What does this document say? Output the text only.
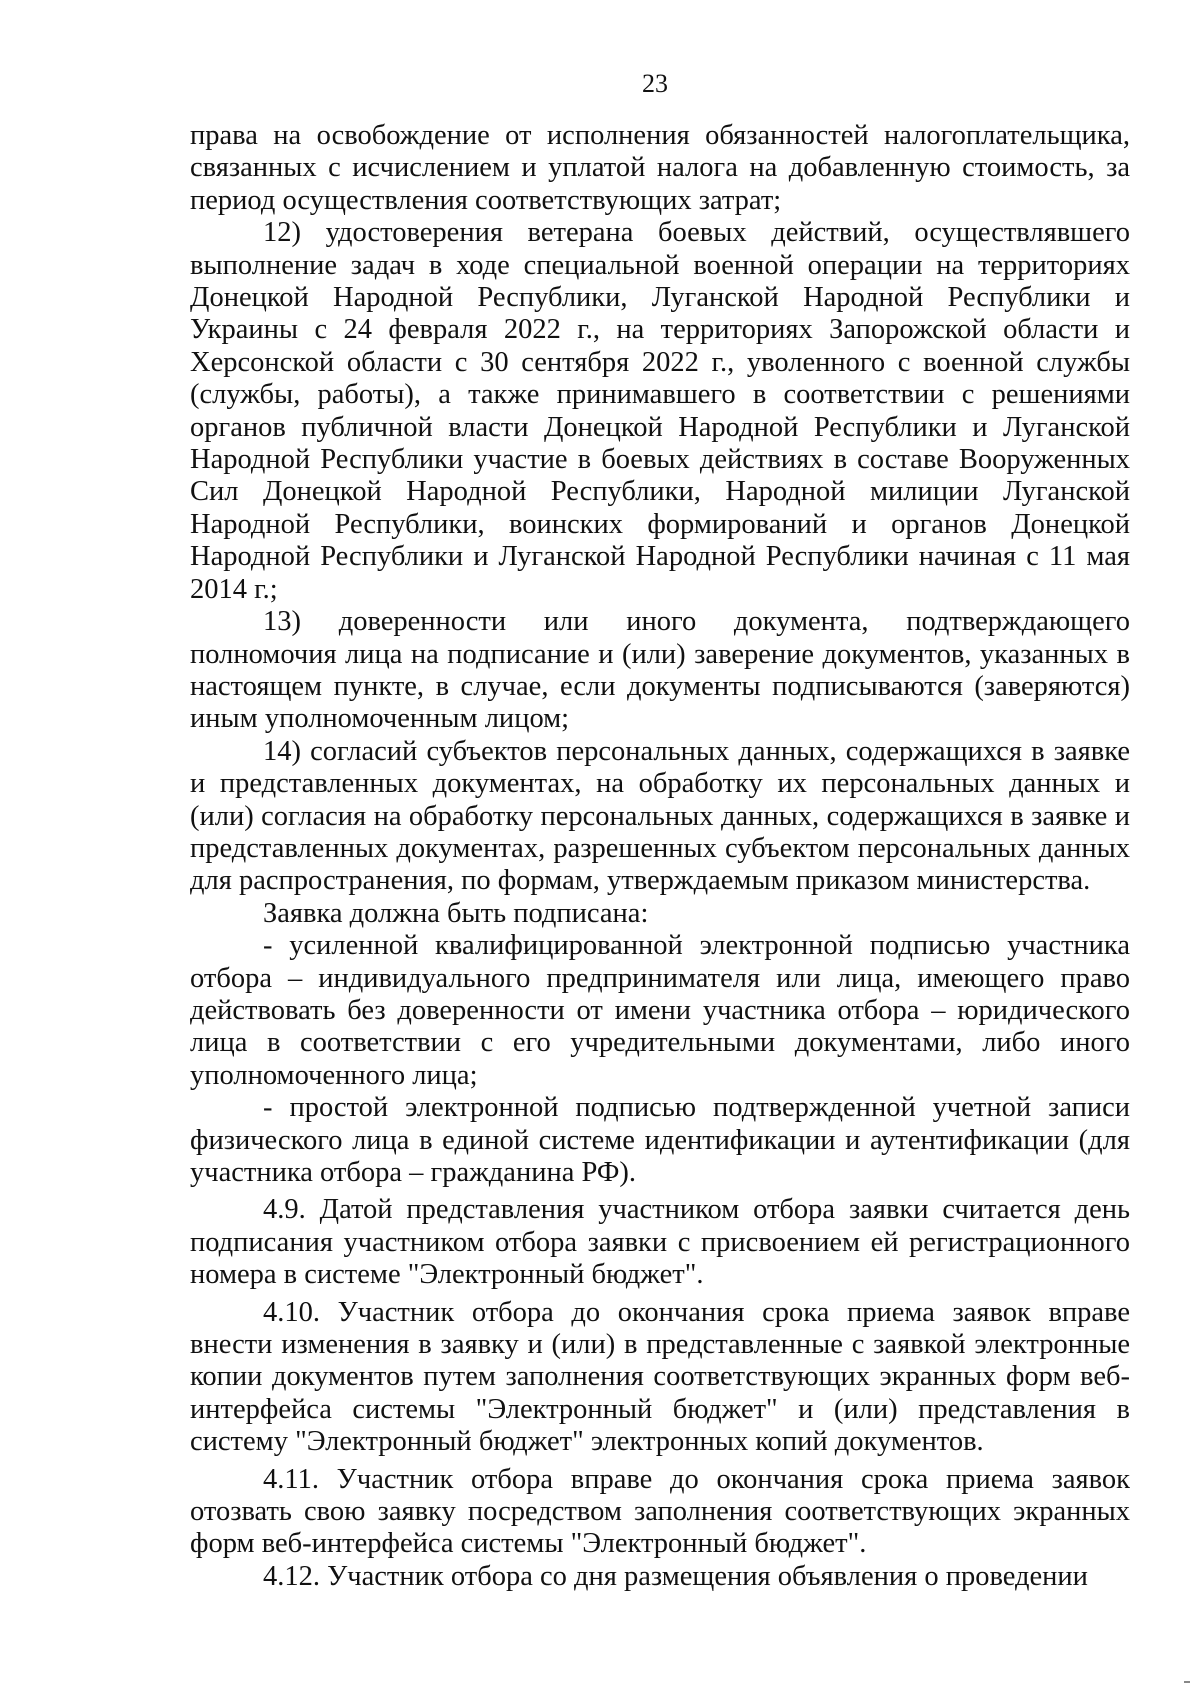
23

права на освобождение от исполнения обязанностей налогоплательщика, связанных с исчислением и уплатой налога на добавленную стоимость, за период осуществления соответствующих затрат;

12) удостоверения ветерана боевых действий, осуществлявшего выполнение задач в ходе специальной военной операции на территориях Донецкой Народной Республики, Луганской Народной Республики и Украины с 24 февраля 2022 г., на территориях Запорожской области и Херсонской области с 30 сентября 2022 г., уволенного с военной службы (службы, работы), а также принимавшего в соответствии с решениями органов публичной власти Донецкой Народной Республики и Луганской Народной Республики участие в боевых действиях в составе Вооруженных Сил Донецкой Народной Республики, Народной милиции Луганской Народной Республики, воинских формирований и органов Донецкой Народной Республики и Луганской Народной Республики начиная с 11 мая 2014 г.;

13) доверенности или иного документа, подтверждающего полномочия лица на подписание и (или) заверение документов, указанных в настоящем пункте, в случае, если документы подписываются (заверяются) иным уполномоченным лицом;

14) согласий субъектов персональных данных, содержащихся в заявке и представленных документах, на обработку их персональных данных и (или) согласия на обработку персональных данных, содержащихся в заявке и представленных документах, разрешенных субъектом персональных данных для распространения, по формам, утверждаемым приказом министерства.

Заявка должна быть подписана:

- усиленной квалифицированной электронной подписью участника отбора – индивидуального предпринимателя или лица, имеющего право действовать без доверенности от имени участника отбора – юридического лица в соответствии с его учредительными документами, либо иного уполномоченного лица;

- простой электронной подписью подтвержденной учетной записи физического лица в единой системе идентификации и аутентификации (для участника отбора – гражданина РФ).

4.9. Датой представления участником отбора заявки считается день подписания участником отбора заявки с присвоением ей регистрационного номера в системе "Электронный бюджет".

4.10. Участник отбора до окончания срока приема заявок вправе внести изменения в заявку и (или) в представленные с заявкой электронные копии документов путем заполнения соответствующих экранных форм веб-интерфейса системы "Электронный бюджет" и (или) представления в систему "Электронный бюджет" электронных копий документов.

4.11. Участник отбора вправе до окончания срока приема заявок отозвать свою заявку посредством заполнения соответствующих экранных форм веб-интерфейса системы "Электронный бюджет".

4.12. Участник отбора со дня размещения объявления о проведении
